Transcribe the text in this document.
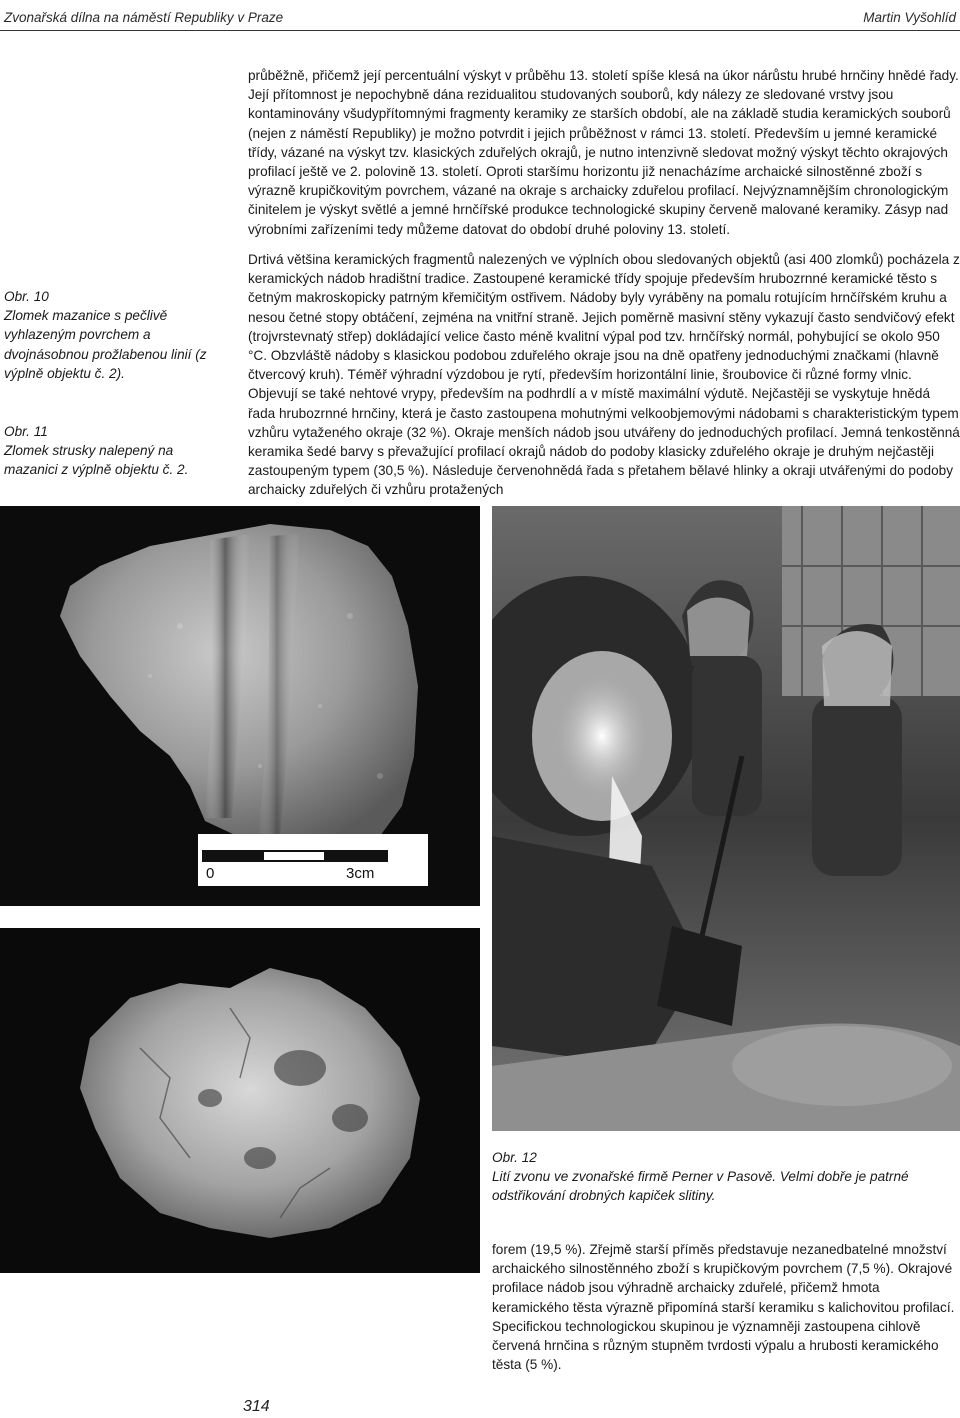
Zvonařská dílna na náměstí Republiky v Praze	Martin Vyšohlíd

průběžně, přičemž její percentuální výskyt v průběhu 13. století spíše klesá na úkor nárůstu hrubé hrnčiny hnědé řady. Její přítomnost je nepochybně dána rezidualitou studovaných souborů, kdy nálezy ze sledované vrstvy jsou kontaminovány všudypřítomnými fragmenty keramiky ze starších období, ale na základě studia keramických souborů (nejen z náměstí Republiky) je možno potvrdit i jejich průběžnost v rámci 13. století. Především u jemné keramické třídy, vázané na výskyt tzv. klasických zduřelých okrajů, je nutno intenzivně sledovat možný výskyt těchto okrajových profilací ještě ve 2. polovině 13. století. Oproti staršímu horizontu již nenacházíme archaické silnostěnné zboží s výrazně krupičkovitým povrchem, vázané na okraje s archaicky zduřelou profilací. Nejvýznamnějším chronologickým činitelem je výskyt světlé a jemné hrnčířské produkce technologické skupiny červeně malované keramiky. Zásyp nad výrobními zařízeními tedy můžeme datovat do období druhé poloviny 13. století.

Obr. 10
Zlomek mazanice s pečlivě vyhlazeným povrchem a dvojnásobnou prožlabenou linií (z výplně objektu č. 2).
Obr. 11
Zlomek strusky nalepený na mazanici z výplně objektu č. 2.

Drtivá většina keramických fragmentů nalezených ve výplních obou sledovaných objektů (asi 400 zlomků) pocházela z keramických nádob hradištní tradice. Zastoupené keramické třídy spojuje především hrubozrnné keramické těsto s četným makroskopicky patrným křemičitým ostřivem. Nádoby byly vyráběny na pomalu rotujícím hrnčířském kruhu a nesou četné stopy obtáčení, zejména na vnitřní straně. Jejich poměrně masivní stěny vykazují často sendvičový efekt (trojvrstevnatý střep) dokládající velice často méně kvalitní výpal pod tzv. hrnčířský normál, pohybující se okolo 950 °C. Obzvláště nádoby s klasickou podobou zduřelého okraje jsou na dně opatřeny jednoduchými značkami (hlavně čtvercový kruh). Téměř výhradní výzdobou je rytí, především horizontální linie, šroubovice či různé formy vlnic. Objevují se také nehtové vrypy, především na podhrdlí a v místě maximální výdutě. Nejčastěji se vyskytuje hnědá řada hrubozrnné hrnčiny, která je často zastoupena mohutnými velkoobjemovými nádobami s charakteristickým typem vzhůru vytaženého okraje (32 %). Okraje menších nádob jsou utvářeny do jednoduchých profilací. Jemná tenkostěnná keramika šedé barvy s převažující profilací okrajů nádob do podoby klasicky zduřelého okraje je druhým nejčastěji zastoupeným typem (30,5 %). Následuje červenohnědá řada s přetahem bělavé hlinky a okraji utvářenými do podoby archaicky zduřelých či vzhůru protažených

0	3cm
Obr. 12
Lití zvonu ve zvonařské firmě Perner v Pasově. Velmi dobře je patrné odstřikování drobných kapiček slitiny.

forem (19,5 %). Zřejmě starší příměs představuje nezanedbatelné množství archaického silnostěnného zboží s krupičkovým povrchem (7,5 %). Okrajové profilace nádob jsou výhradně archaicky zduřelé, přičemž hmota keramického těsta výrazně připomíná starší keramiku s kalichovitou profilací. Specifickou technologickou skupinou je významněji zastoupena cihlově červená hrnčina s různým stupněm tvrdosti výpalu a hrubosti keramického těsta (5 %).

314
